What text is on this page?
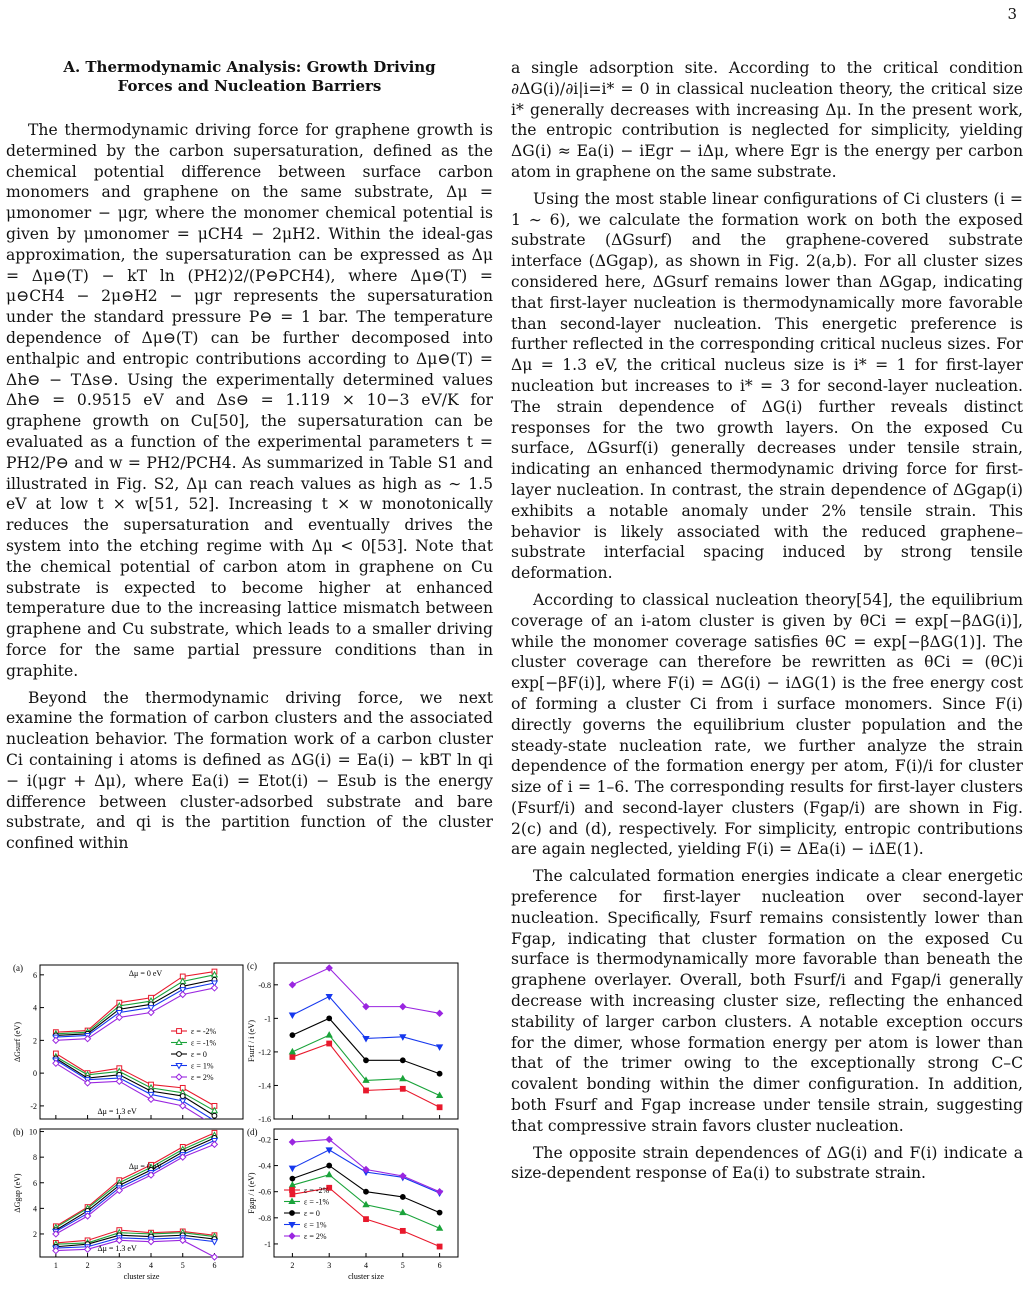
3
A. Thermodynamic Analysis: Growth Driving Forces and Nucleation Barriers

The thermodynamic driving force for graphene growth is determined by the carbon supersaturation, defined as the chemical potential difference between surface carbon monomers and graphene on the same substrate, Δμ = μmonomer − μgr, where the monomer chemical potential is given by μmonomer = μCH4 − 2μH2. Within the ideal-gas approximation, the supersaturation can be expressed as Δμ = Δμ⊖(T) − kT ln (PH2)2/(P⊖PCH4), where Δμ⊖(T) = μ⊖CH4 − 2μ⊖H2 − μgr represents the supersaturation under the standard pressure P⊖ = 1 bar. The temperature dependence of Δμ⊖(T) can be further decomposed into enthalpic and entropic contributions according to Δμ⊖(T) = Δh⊖ − TΔs⊖. Using the experimentally determined values Δh⊖ = 0.9515 eV and Δs⊖ = 1.119 × 10−3 eV/K for graphene growth on Cu[50], the supersaturation can be evaluated as a function of the experimental parameters t = PH2/P⊖ and w = PH2/PCH4. As summarized in Table S1 and illustrated in Fig. S2, Δμ can reach values as high as ∼ 1.5 eV at low t × w[51, 52]. Increasing t × w monotonically reduces the supersaturation and eventually drives the system into the etching regime with Δμ < 0[53]. Note that the chemical potential of carbon atom in graphene on Cu substrate is expected to become higher at enhanced temperature due to the increasing lattice mismatch between graphene and Cu substrate, which leads to a smaller driving force for the same partial pressure conditions than in graphite.

Beyond the thermodynamic driving force, we next examine the formation of carbon clusters and the associated nucleation behavior. The formation work of a carbon cluster Ci containing i atoms is defined as ΔG(i) = Ea(i) − kBT ln qi − i(μgr + Δμ), where Ea(i) = Etot(i) − Esub is the energy difference between cluster-adsorbed substrate and bare substrate, and qi is the partition function of the cluster confined within

a single adsorption site. According to the critical condition ∂ΔG(i)/∂i|i=i* = 0 in classical nucleation theory, the critical size i* generally decreases with increasing Δμ. In the present work, the entropic contribution is neglected for simplicity, yielding ΔG(i) ≈ Ea(i) − iEgr − iΔμ, where Egr is the energy per carbon atom in graphene on the same substrate.

Using the most stable linear configurations of Ci clusters (i = 1 ∼ 6), we calculate the formation work on both the exposed substrate (ΔGsurf) and the graphene-covered substrate interface (ΔGgap), as shown in Fig. 2(a,b). For all cluster sizes considered here, ΔGsurf remains lower than ΔGgap, indicating that first-layer nucleation is thermodynamically more favorable than second-layer nucleation. This energetic preference is further reflected in the corresponding critical nucleus sizes. For Δμ = 1.3 eV, the critical nucleus size is i* = 1 for first-layer nucleation but increases to i* = 3 for second-layer nucleation. The strain dependence of ΔG(i) further reveals distinct responses for the two growth layers. On the exposed Cu surface, ΔGsurf(i) generally decreases under tensile strain, indicating an enhanced thermodynamic driving force for first-layer nucleation. In contrast, the strain dependence of ΔGgap(i) exhibits a notable anomaly under 2% tensile strain. This behavior is likely associated with the reduced graphene–substrate interfacial spacing induced by strong tensile deformation.

According to classical nucleation theory[54], the equilibrium coverage of an i-atom cluster is given by θCi = exp[−βΔG(i)], while the monomer coverage satisfies θC = exp[−βΔG(1)]. The cluster coverage can therefore be rewritten as θCi = (θC)i exp[−βF(i)], where F(i) = ΔG(i) − iΔG(1) is the free energy cost of forming a cluster Ci from i surface monomers. Since F(i) directly governs the equilibrium cluster population and the steady-state nucleation rate, we further analyze the strain dependence of the formation energy per atom, F(i)/i for cluster size of i = 1–6. The corresponding results for first-layer clusters (Fsurf/i) and second-layer clusters (Fgap/i) are shown in Fig. 2(c) and (d), respectively. For simplicity, entropic contributions are again neglected, yielding F(i) = ΔEa(i) − iΔE(1).

The calculated formation energies indicate a clear energetic preference for first-layer nucleation over second-layer nucleation. Specifically, Fsurf remains consistently lower than Fgap, indicating that cluster formation on the exposed Cu surface is thermodynamically more favorable than beneath the graphene overlayer. Overall, both Fsurf/i and Fgap/i generally decrease with increasing cluster size, reflecting the enhanced stability of larger carbon clusters. A notable exception occurs for the dimer, whose formation energy per atom is lower than that of the trimer owing to the exceptionally strong C–C covalent bonding within the dimer configuration. In addition, both Fsurf and Fgap increase under tensile strain, suggesting that compressive strain favors cluster nucleation.

The opposite strain dependences of ΔG(i) and F(i) indicate a size-dependent response of Ea(i) to substrate strain.

(a)
-2
0
2
4
6
ΔGsurf (eV)
Δμ = 0 eV
Δμ = 1.3 eV
ε = -2%
ε = -1%
ε = 0
ε = 1%
ε = 2%
(b)
2
4
6
8
10
1	2	3	4	5	6
cluster size
ΔGgap (eV)
Δμ = 0 eV
Δμ = 1.3 eV
(c)
-0.8
-1
-1.2
-1.4
-1.6
Fsurf / i (eV)
(d)
-0.2
-0.4
-0.6
-0.8
-1
2	3	4	5	6
cluster size
Fgap / i (eV)	ε = -2%
ε = -1%
ε = 0
ε = 1%
ε = 2%
